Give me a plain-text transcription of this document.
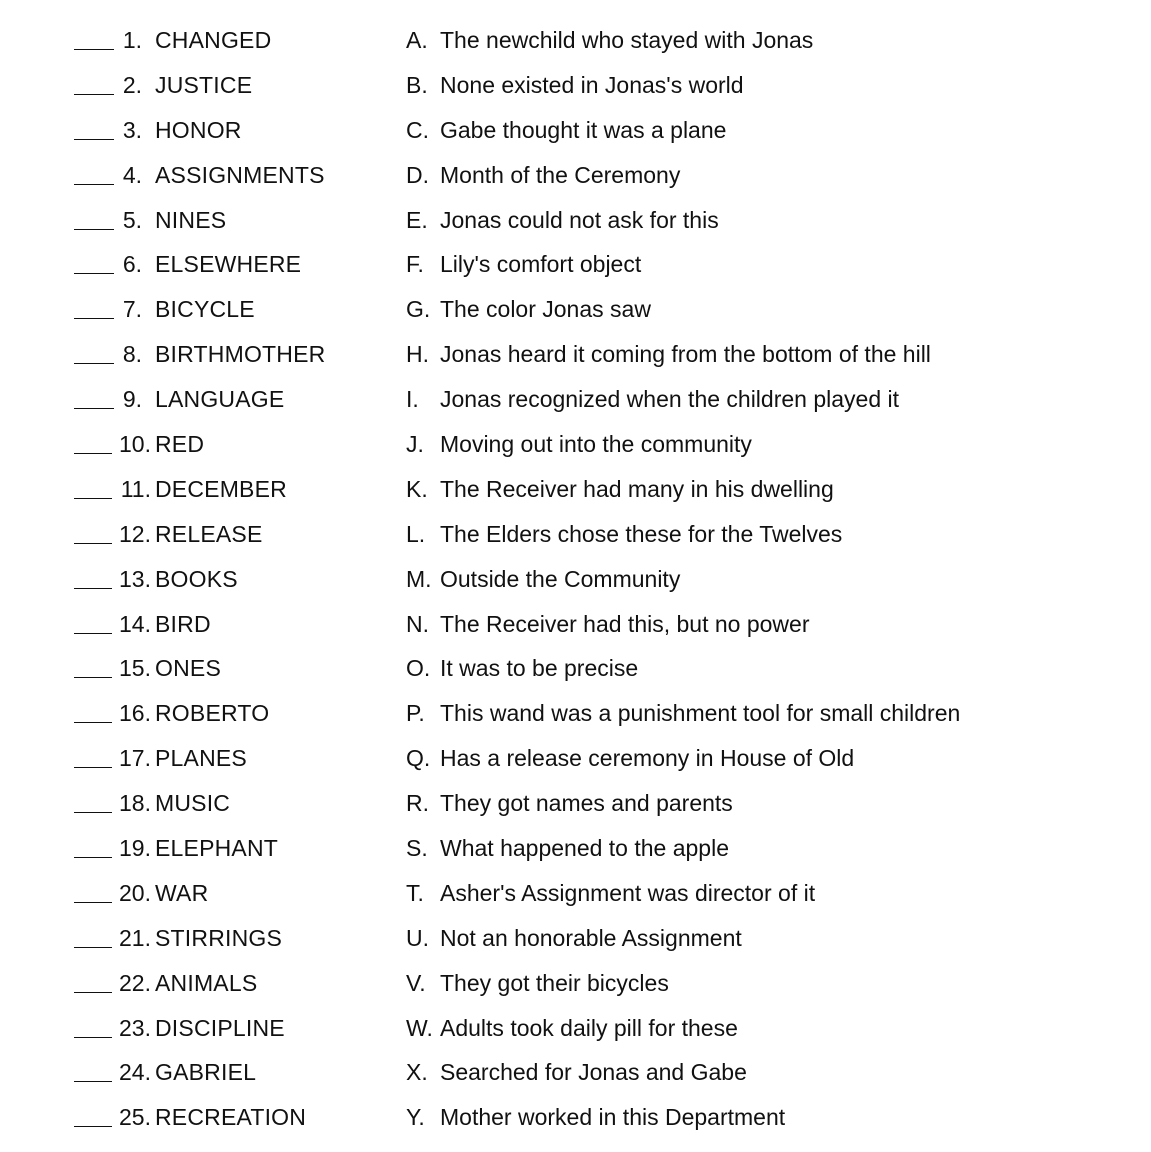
1. CHANGED	A. The newchild who stayed with Jonas
2. JUSTICE	B. None existed in Jonas's world
3. HONOR	C. Gabe thought it was a plane
4. ASSIGNMENTS	D. Month of the Ceremony
5. NINES	E. Jonas could not ask for this
6. ELSEWHERE	F. Lily's comfort object
7. BICYCLE	G. The color Jonas saw
8. BIRTHMOTHER	H. Jonas heard it coming from the bottom of the hill
9. LANGUAGE	I. Jonas recognized when the children played it
10. RED	J. Moving out into the community
11. DECEMBER	K. The Receiver had many in his dwelling
12. RELEASE	L. The Elders chose these for the Twelves
13. BOOKS	M. Outside the Community
14. BIRD	N. The Receiver had this, but no power
15. ONES	O. It was to be precise
16. ROBERTO	P. This wand was a punishment tool for small children
17. PLANES	Q. Has a release ceremony in House of Old
18. MUSIC	R. They got names and parents
19. ELEPHANT	S. What happened to the apple
20. WAR	T. Asher's Assignment was director of it
21. STIRRINGS	U. Not an honorable Assignment
22. ANIMALS	V. They got their bicycles
23. DISCIPLINE	W. Adults took daily pill for these
24. GABRIEL	X. Searched for Jonas and Gabe
25. RECREATION	Y. Mother worked in this Department
